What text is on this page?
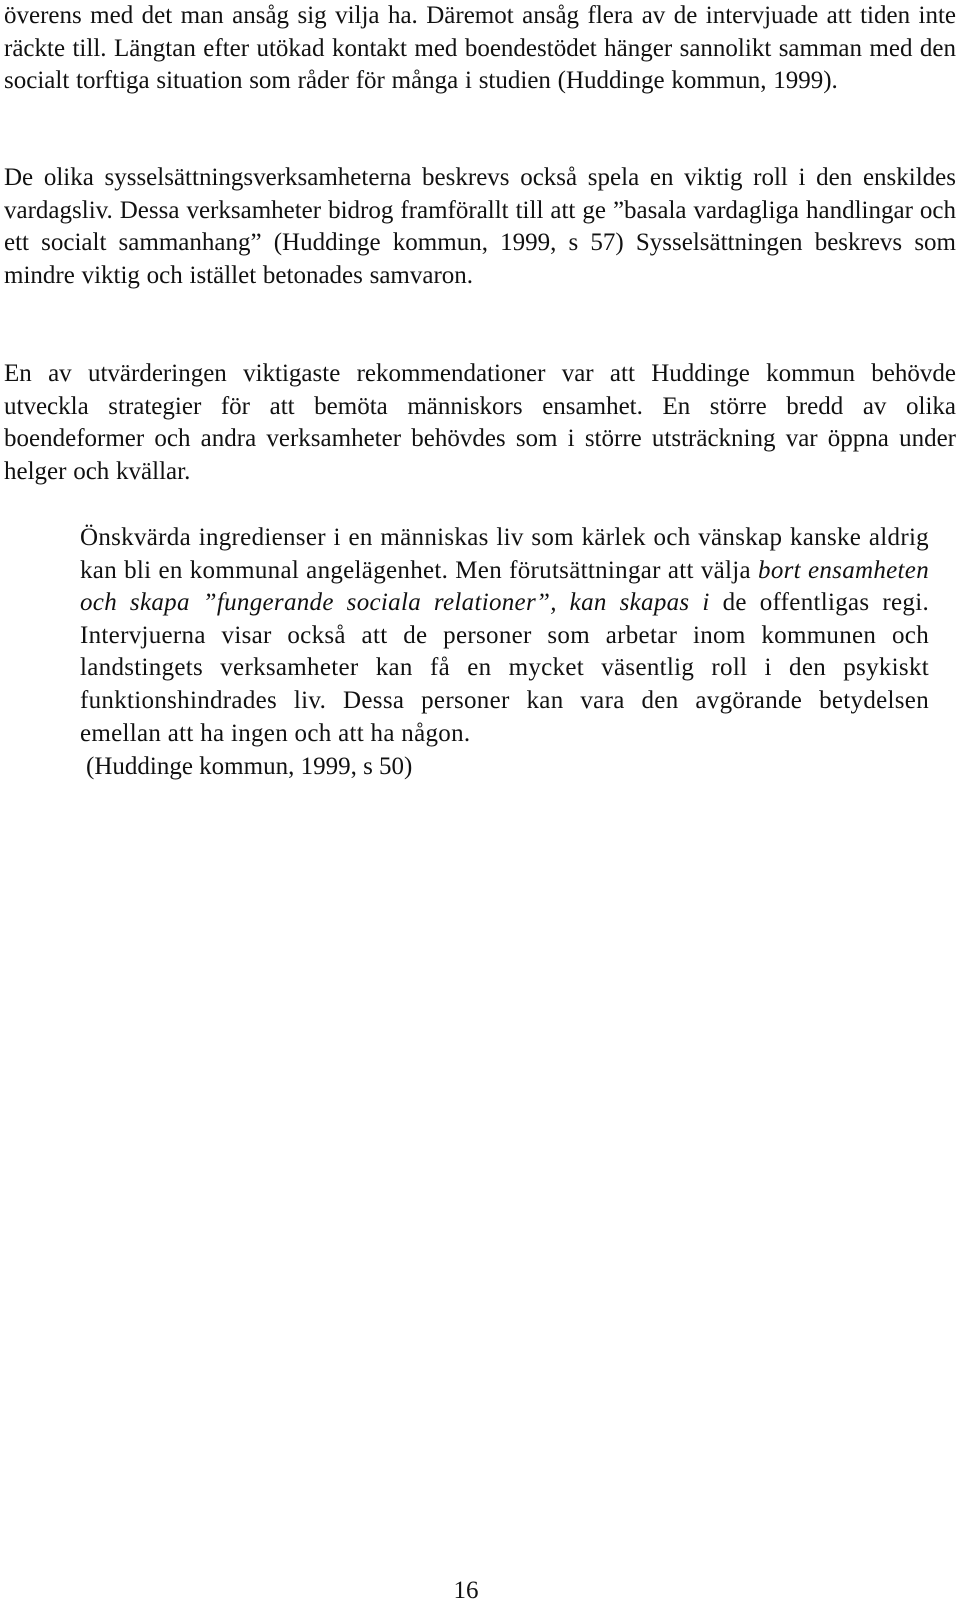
överens med det man ansåg sig vilja ha. Däremot ansåg flera av de intervjuade att tiden inte räckte till. Längtan efter utökad kontakt med boendestödet hänger sannolikt samman med den socialt torftiga situation som råder för många i studien (Huddinge kommun, 1999).

De olika sysselsättningsverksamheterna beskrevs också spela en viktig roll i den enskildes vardagsliv. Dessa verksamheter bidrog framförallt till att ge ”basala vardagliga handlingar och ett socialt sammanhang” (Huddinge kommun, 1999, s 57) Sysselsättningen beskrevs som mindre viktig och istället betonades samvaron.

En av utvärderingen viktigaste rekommendationer var att Huddinge kommun behövde utveckla strategier för att bemöta människors ensamhet. En större bredd av olika boendeformer och andra verksamheter behövdes som i större utsträckning var öppna under helger och kvällar.

Önskvärda ingredienser i en människas liv som kärlek och vänskap kanske aldrig kan bli en kommunal angelägenhet. Men förutsättningar att välja bort ensamheten och skapa ”fungerande sociala relationer”, kan skapas i de offentligas regi. Intervjuerna visar också att de personer som arbetar inom kommunen och landstingets verksamheter kan få en mycket väsentlig roll i den psykiskt funktionshindrades liv. Dessa personer kan vara den avgörande betydelsen emellan att ha ingen och att ha någon.

(Huddinge kommun, 1999, s 50)

16
